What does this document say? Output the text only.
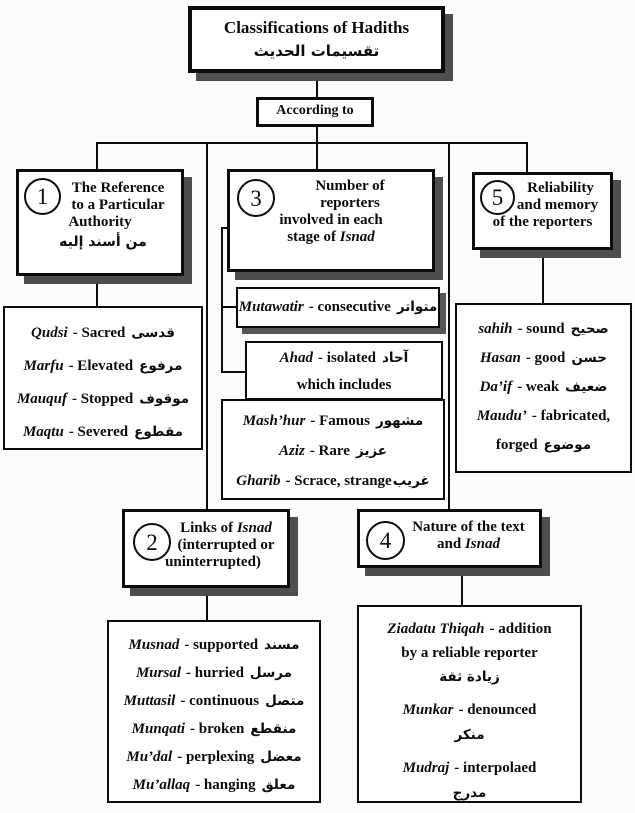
Classifications of Hadiths
تقسيمات الحديث
According to
1	The Reference
to a Particular
Authority
من أسند إليه
Qudsi - Sacred قدسى
Marfu - Elevated مرفوع
Mauquf - Stopped موقوف
Maqtu - Severed مقطوع
3	Number of
reporters
involved in each
stage of Isnad
Mutawatir - consecutive متواتر
Ahad - isolated آحاد
which includes
Mash’hur - Famous مشهور
Aziz - Rare عزيز
Gharib - Scrace, strangeغريب
5	Reliability
and memory
of the reporters
sahih - sound صحيح
Hasan - good حسن
Da’if - weak ضعيف
Maudu’ - fabricated,
forged موضوع
2
Links of Isnad
(interrupted or
uninterrupted)
Musnad - supported مسند
Mursal - hurried مرسل
Muttasil - continuous متصل
Munqati - broken منقطع
Mu’dal - perplexing معضل
Mu’allaq - hanging معلق
4
Nature of the text
and Isnad
Ziadatu Thiqah - addition
by a reliable reporter
زيادة ثقة
Munkar - denounced
منكر
Mudraj - interpolaed
مدرج
